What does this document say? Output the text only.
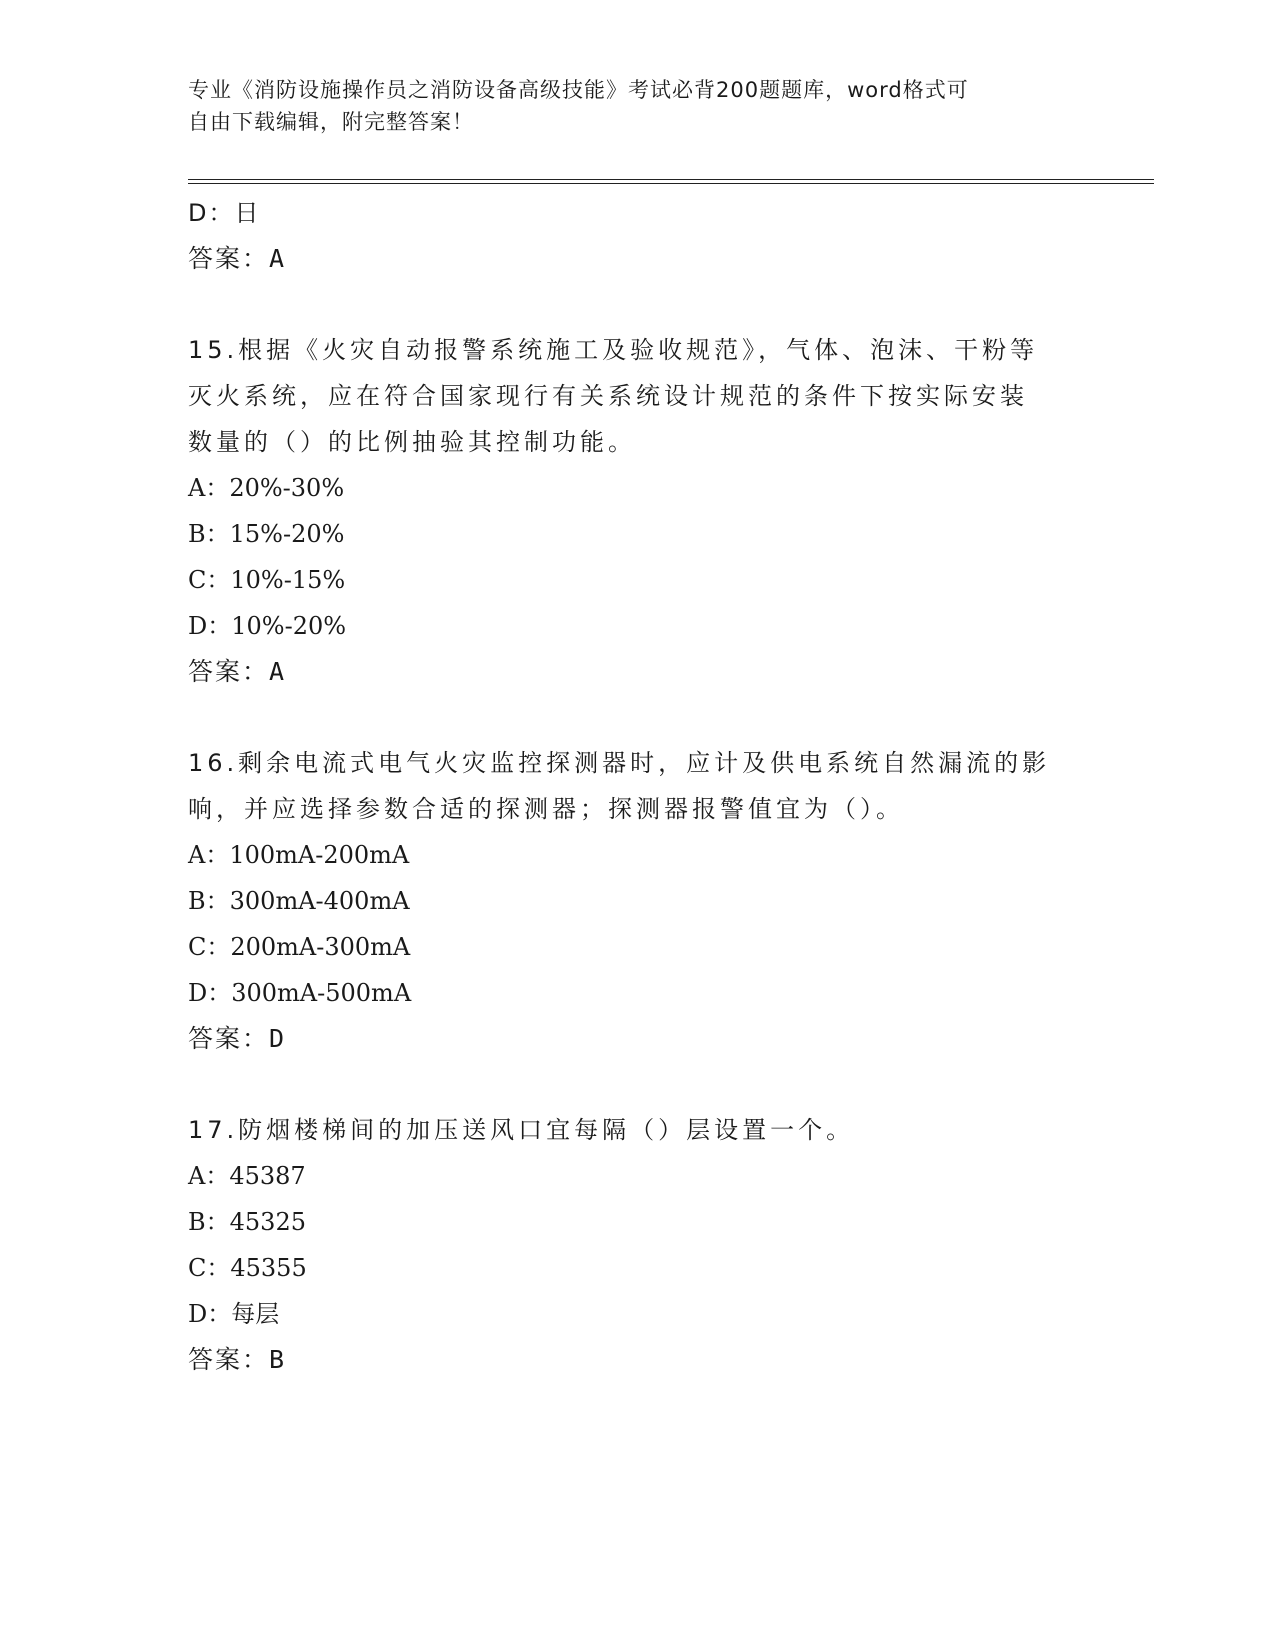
专业《消防设施操作员之消防设备高级技能》考试必背200题题库，word格式可
自由下载编辑，附完整答案！
D：日
答案：A
15.根据《火灾自动报警系统施工及验收规范》，气体、泡沫、干粉等
灭火系统，应在符合国家现行有关系统设计规范的条件下按实际安装
数量的（）的比例抽验其控制功能。
A：20%-30%
B：15%-20%
C：10%-15%
D：10%-20%
答案：A
16.剩余电流式电气火灾监控探测器时，应计及供电系统自然漏流的影
响，并应选择参数合适的探测器；探测器报警值宜为（）。
A：100mA-200mA
B：300mA-400mA
C：200mA-300mA
D：300mA-500mA
答案：D
17.防烟楼梯间的加压送风口宜每隔（）层设置一个。
A：45387
B：45325
C：45355
D：每层
答案：B
